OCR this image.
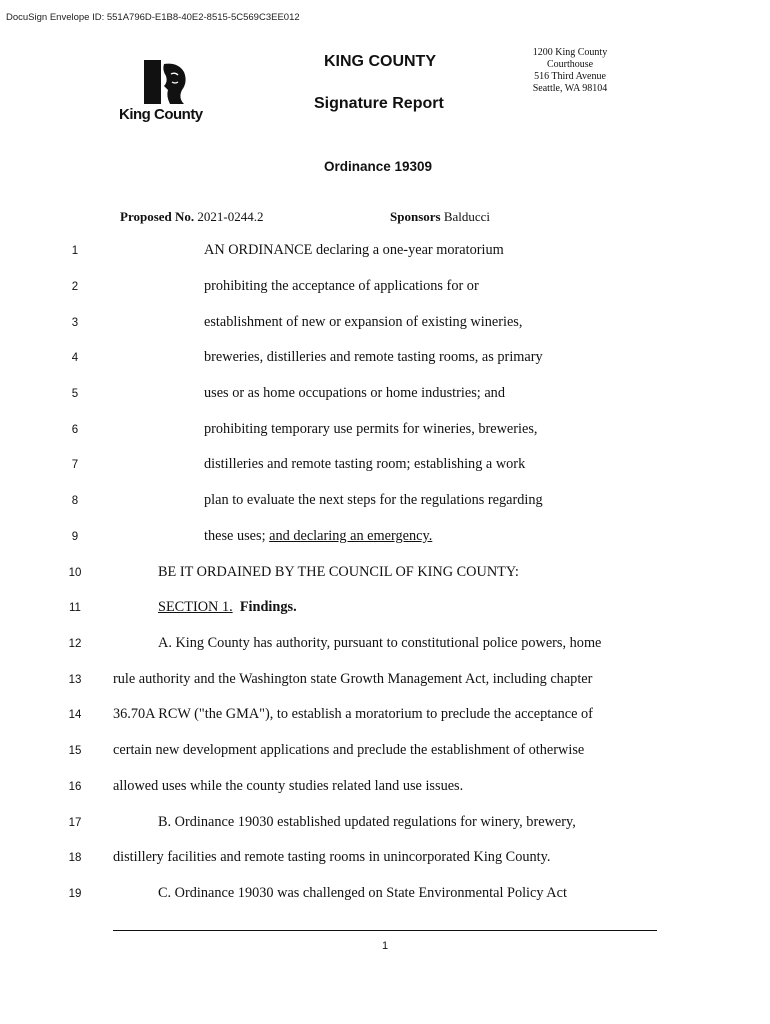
DocuSign Envelope ID: 551A796D-E1B8-40E2-8515-5C569C3EE012
King County
KING COUNTY
Signature Report
1200 King County Courthouse
516 Third Avenue
Seattle, WA 98104
Ordinance 19309
Proposed No. 2021-0244.2	Sponsors Balducci
1
2
3
4
5
6
7
8
9
10
11
12
13
14
15
16
17
18
19
AN ORDINANCE declaring a one-year moratorium
prohibiting the acceptance of applications for or
establishment of new or expansion of existing wineries,
breweries, distilleries and remote tasting rooms, as primary
uses or as home occupations or home industries; and
prohibiting temporary use permits for wineries, breweries,
distilleries and remote tasting room; establishing a work
plan to evaluate the next steps for the regulations regarding
these uses; and declaring an emergency.
BE IT ORDAINED BY THE COUNCIL OF KING COUNTY:
SECTION 1. Findings.
A. King County has authority, pursuant to constitutional police powers, home
rule authority and the Washington state Growth Management Act, including chapter
36.70A RCW ("the GMA"), to establish a moratorium to preclude the acceptance of
certain new development applications and preclude the establishment of otherwise
allowed uses while the county studies related land use issues.
B. Ordinance 19030 established updated regulations for winery, brewery,
distillery facilities and remote tasting rooms in unincorporated King County.
C. Ordinance 19030 was challenged on State Environmental Policy Act
1
